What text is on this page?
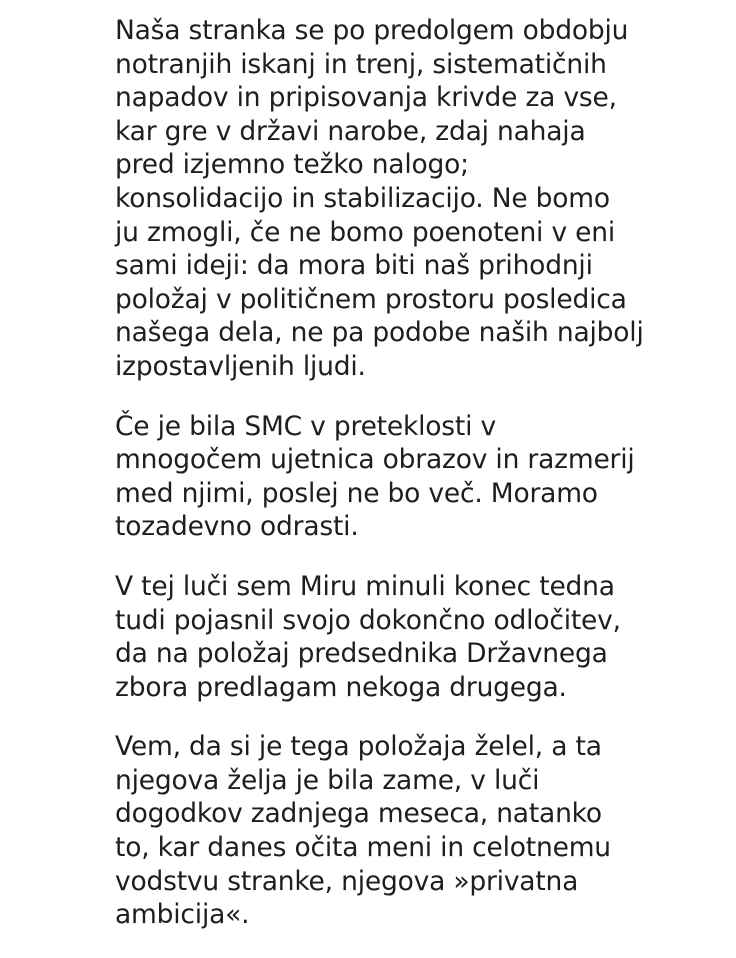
Naša stranka se po predolgem obdobju
notranjih iskanj in trenj, sistematičnih
napadov in pripisovanja krivde za vse,
kar gre v državi narobe, zdaj nahaja
pred izjemno težko nalogo;
konsolidacijo in stabilizacijo. Ne bomo
ju zmogli, če ne bomo poenoteni v eni
sami ideji: da mora biti naš prihodnji
položaj v političnem prostoru posledica
našega dela, ne pa podobe naših najbolj
izpostavljenih ljudi.

Če je bila SMC v preteklosti v
mnogočem ujetnica obrazov in razmerij
med njimi, poslej ne bo več. Moramo
tozadevno odrasti.

V tej luči sem Miru minuli konec tedna
tudi pojasnil svojo dokončno odločitev,
da na položaj predsednika Državnega
zbora predlagam nekoga drugega.

Vem, da si je tega položaja želel, a ta
njegova želja je bila zame, v luči
dogodkov zadnjega meseca, natanko
to, kar danes očita meni in celotnemu
vodstvu stranke, njegova »privatna
ambicija«.
